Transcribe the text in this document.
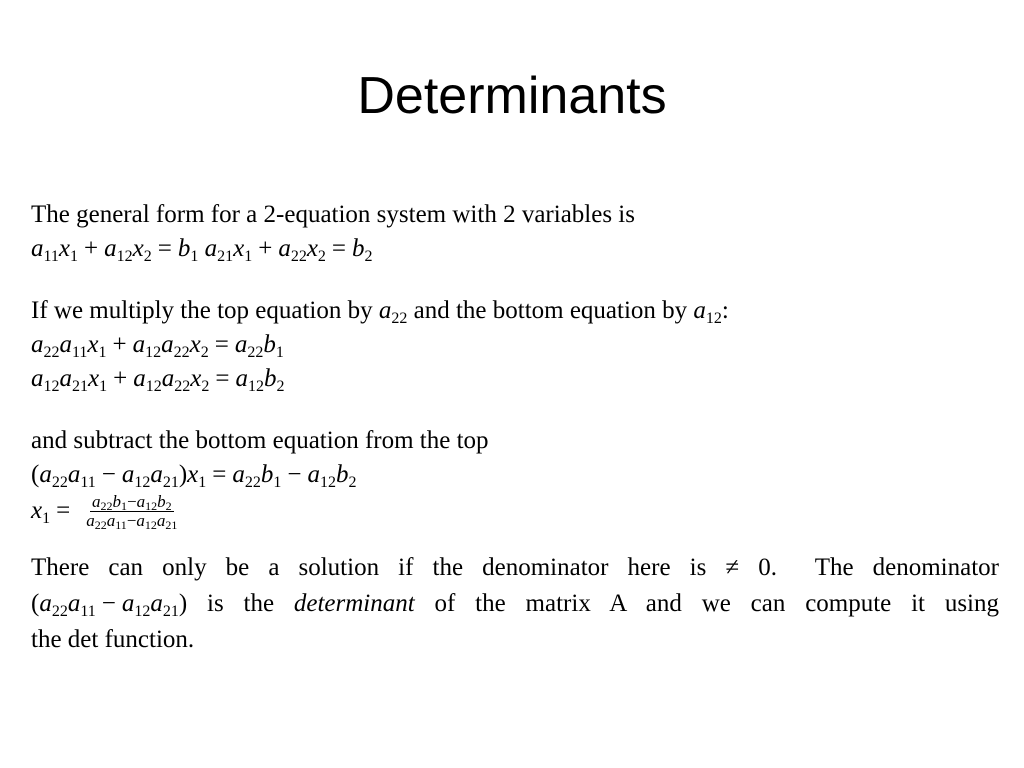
Determinants
The general form for a 2-equation system with 2 variables is
$a_{11}x_1 + a_{12}x_2 = b_1$ $a_{21}x_1 + a_{22}x_2 = b_2$
If we multiply the top equation by $a_{22}$ and the bottom equation by $a_{12}$:
$a_{22}a_{11}x_1 + a_{12}a_{22}x_2 = a_{22}b_1$
$a_{12}a_{21}x_1 + a_{12}a_{22}x_2 = a_{12}b_2$
and subtract the bottom equation from the top
$(a_{22}a_{11} - a_{12}a_{21})x_1 = a_{22}b_1 - a_{12}b_2$
$x_1 = \frac{a_{22}b_1-a_{12}b_2}{a_{22}a_{11}-a_{12}a_{21}}$
There can only be a solution if the denominator here is ≠ 0. The denominator
$(a_{22}a_{11} - a_{12}a_{21})$ is the determinant of the matrix A and we can compute it using
the det function.
